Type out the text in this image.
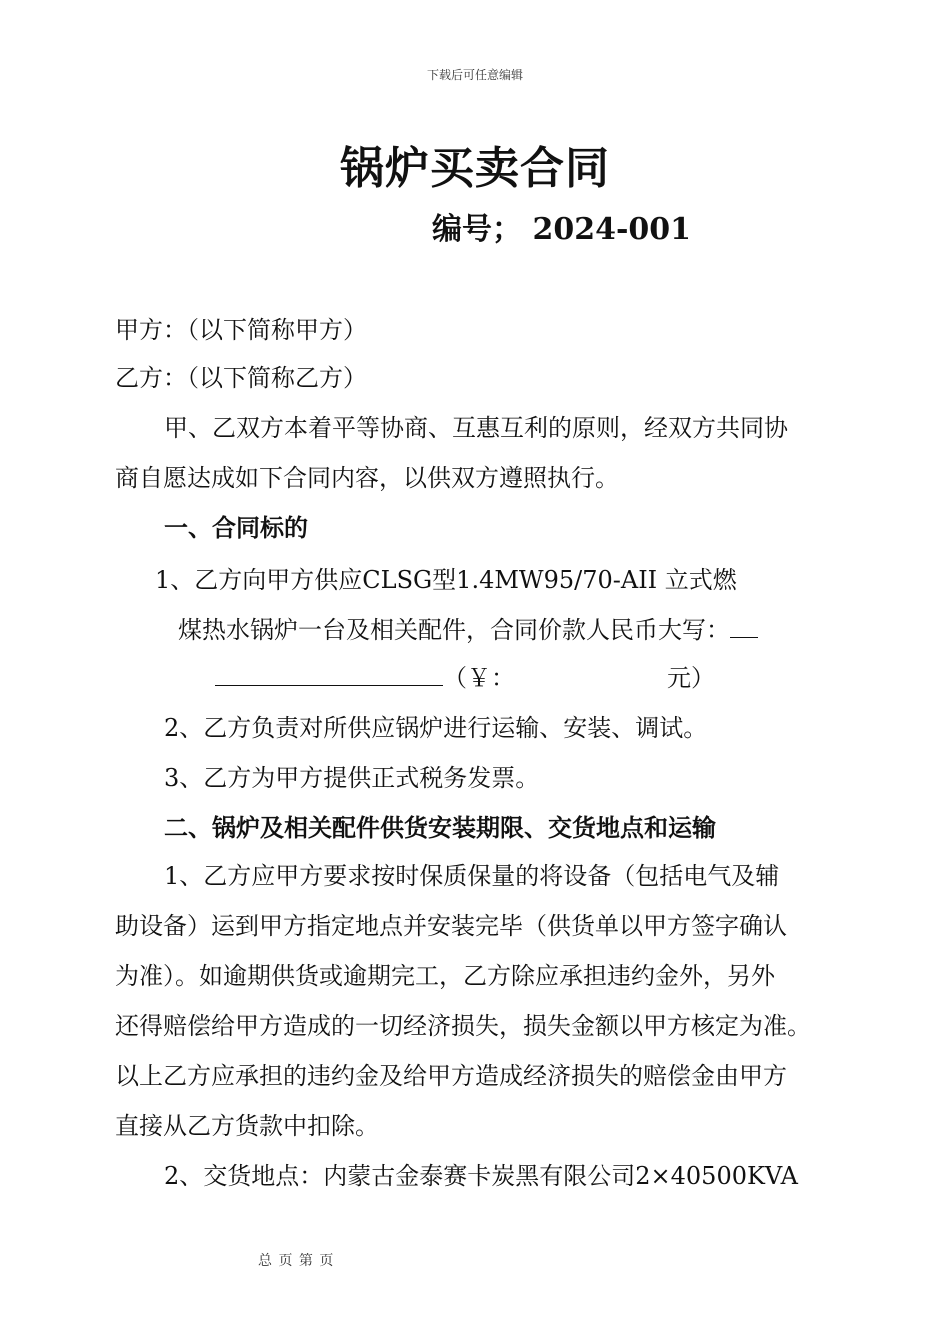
下载后可任意编辑
锅炉买卖合同
编号； 2024-001
甲方：（以下简称甲方）
乙方：（以下简称乙方）
甲、乙双方本着平等协商、互惠互利的原则，经双方共同协
商自愿达成如下合同内容，以供双方遵照执行。
一、合同标的
1、乙方向甲方供应CLSG型1.4MW95/70-AII 立式燃
煤热水锅炉一台及相关配件，合同价款人民币大写：
（￥：	元）
2、乙方负责对所供应锅炉进行运输、安装、调试。
3、乙方为甲方提供正式税务发票。
二、锅炉及相关配件供货安装期限、交货地点和运输
1、乙方应甲方要求按时保质保量的将设备（包括电气及辅
助设备）运到甲方指定地点并安装完毕（供货单以甲方签字确认
为准）。如逾期供货或逾期完工，乙方除应承担违约金外，另外
还得赔偿给甲方造成的一切经济损失，损失金额以甲方核定为准。
以上乙方应承担的违约金及给甲方造成经济损失的赔偿金由甲方
直接从乙方货款中扣除。
2、交货地点：内蒙古金泰赛卡炭黑有限公司2×40500KVA
总 页 第 页
